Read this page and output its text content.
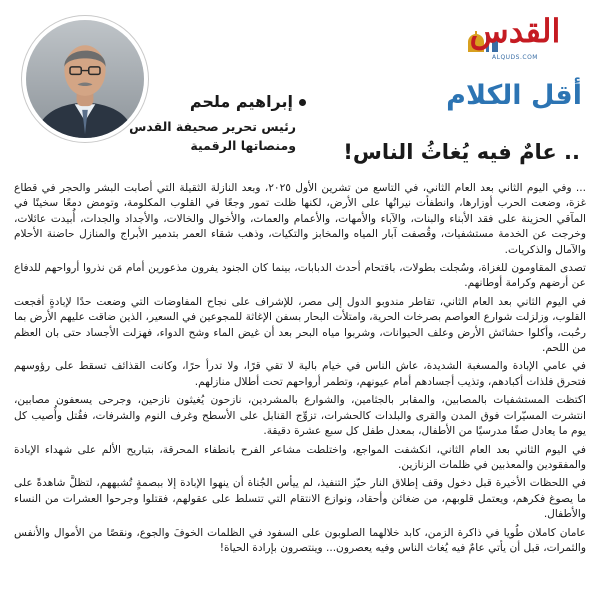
إبراهيم ملحم
رئيس تحرير صحيفة القدس
ومنصاتها الرقمية
القدس
ALQUDS.COM
أقل الكلام
.. عامٌ فيه يُغاثُ الناس!

... وفي اليوم الثاني بعد العام الثاني، في التاسع من تشرين الأول ٢٠٢٥، وبعد النازلة الثقيلة التي أصابت البشر والحجر في قطاع غزة، وضعت الحرب أوزارها، وانطفأت نيرانُها على الأرض، لكنها ظلت تمور وجعًا في القلوب المكلومة، وتومض دمعًا سخينًا في المآقي الحزينة على فقد الأبناء والبنات، والآباء والأمهات، والأعمام والعمات، والأخوال والخالات، والأجداد والجدات، أُبيدت عائلات، وخرجت عن الخدمة مستشفيات، وقُصفت آبار المياه والمخابز والتكيات، وذهب شقاء العمر بتدمير الأبراج والمنازل حاضنة الأحلام والآمال والذكريات.

تصدى المقاومون للغزاة، وسُجلت بطولات، باقتحام أحدث الدبابات، بينما كان الجنود يفرون مذعورين أمام مَن نذروا أرواحهم للدفاع عن أرضهم وكرامة أوطانهم.

في اليوم الثاني بعد العام الثاني، تقاطر مندوبو الدول إلى مصر، للإشراف على نجاح المفاوضات التي وضعت حدًا لإبادةٍ أفجعت القلوب، وزلزلت شوارع العواصم بصرخات الحرية، وامتلأت البحار بسفن الإغاثة للمجوعين في السعير، الذين ضاقت عليهم الأرض بما رحُبت، وأكلوا حشائش الأرض وعلف الحيوانات، وشربوا مياه البحر بعد أن غيض الماء وشح الدواء، فهزلت الأجساد حتى بان العظم من اللحم.

في عامي الإبادة والمسغبة الشديدة، عاش الناس في خيام بالية لا تقي قرًا، ولا تدرأ حرًا، وكانت القذائف تسقط على رؤوسهم فتحرق فلذات أكبادهم، وتذيب أجسادهم أمام عيونهم، وتطمر أرواحهم تحت أطلال منازلهم.

اكتظت المستشفيات بالمصابين، والمقابر بالجثامين، والشوارع بالمشردين، نازحون يُغيثون نازحين، وجرحى يسعفون مصابين، انتشرت المسيّرات فوق المدن والقرى والبلدات كالحشرات، تزوِّج القنابل على الأسطح وغرف النوم والشرفات، فقُتل وأُصيب كل يوم ما يعادل صفًا مدرسيًا من الأطفال، بمعدل طفل كل سبع عشرة دقيقة.

في اليوم الثاني بعد العام الثاني، انكشفت المواجع، واختلطت مشاعر الفرح بانطفاء المحرقة، بتباريح الألم على شهداء الإبادة والمفقودين والمعذبين في ظلمات الزنازين.

في اللحظات الأخيرة قبل دخول وقف إطلاق النار حيّز التنفيذ، لم ييأس الجُناة أن ينهوا الإبادة إلا ببصمةٍ تُشبههم، لتظلَّ شاهدةً على ما يصوغ فكرهم، ويعتمل قلوبهم، من ضغائن وأحقاد، ونوازع الانتقام التي تتسلط على عقولهم، فقتلوا وجرحوا العشرات من النساء والأطفال.

عامان كاملان طُويا في ذاكرة الزمن، كابد خلالهما الصلوبون على السفود في الظلمات الخوفَ والجوع، ونقصًا من الأموال والأنفس والثمرات، قبل أن يأتي عامٌ فيه يُغاث الناس وفيه يعصرون... وينتصرون بإرادة الحياة!
